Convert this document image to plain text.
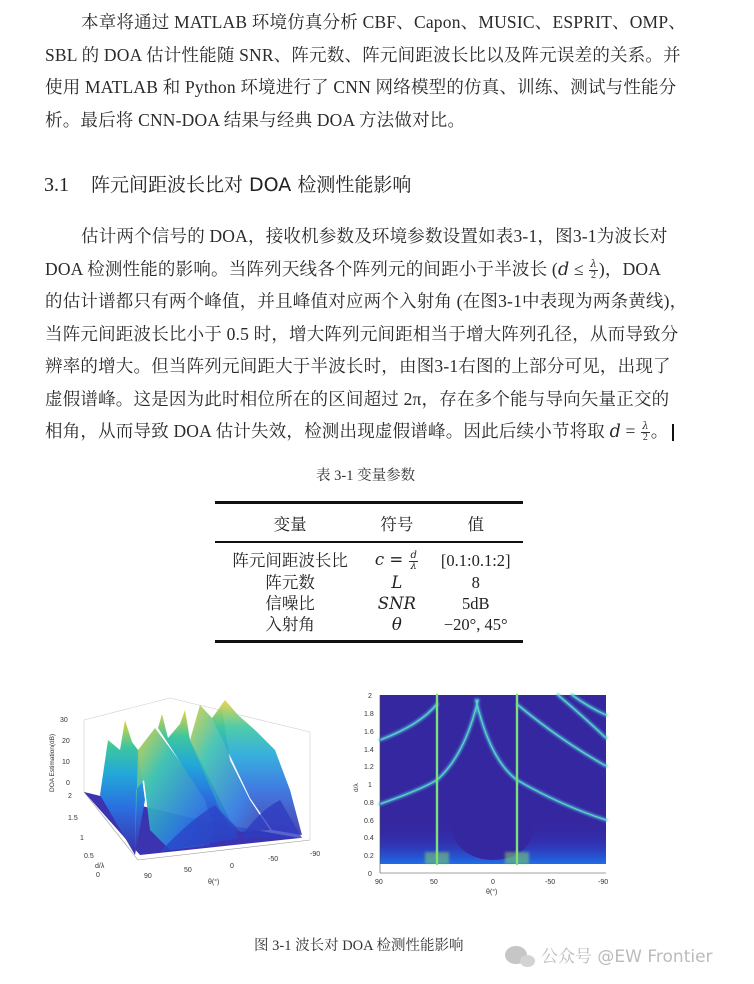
本章将通过 MATLAB 环境仿真分析 CBF、Capon、MUSIC、ESPRIT、OMP、
SBL 的 DOA 估计性能随 SNR、阵元数、阵元间距波长比以及阵元误差的关系。并
使用 MATLAB 和 Python 环境进行了 CNN 网络模型的仿真、训练、测试与性能分
析。最后将 CNN-DOA 结果与经典 DOA 方法做对比。
3.1 阵元间距波长比对 DOA 检测性能影响
估计两个信号的 DOA，接收机参数及环境参数设置如表3-1，图3-1为波长对
DOA 检测性能的影响。当阵列天线各个阵列元的间距小于半波长 ($d \le \frac{\lambda}{2}$ )，DOA
的估计谱都只有两个峰值，并且峰值对应两个入射角 (在图3-1中表现为两条黄线)，
当阵元间距波长比小于 0.5 时，增大阵列元间距相当于增大阵列孔径，从而导致分
辨率的增大。但当阵列元间距大于半波长时，由图3-1右图的上部分可见，出现了
虚假谱峰。这是因为此时相位所在的区间超过 2π，存在多个能与导向矢量正交的
相角，从而导致 DOA 估计失效，检测出现虚假谱峰。因此后续小节将取 $d = \frac{\lambda}{2}$ 。
表 3-1 变量参数
变量	符号	值
阵元间距波长比	$c = \frac{d}{\lambda}$	[0.1:0.1:2]
阵元数	L	8
信噪比	SNR	5dB
入射角	θ	−20°, 45°
30
20
10
0
DOA Estimation(dB)
2
1.5
1
0.5
0
d/λ
90
50
0
-50
-90
θ(°)
0
0.2
0.4
0.6
0.8
1
1.2
1.4
1.6
1.8
2
d/λ
90	50	0	-50	-90
θ(°)
图 3-1 波长对 DOA 检测性能影响
公众号 @EW Frontier
